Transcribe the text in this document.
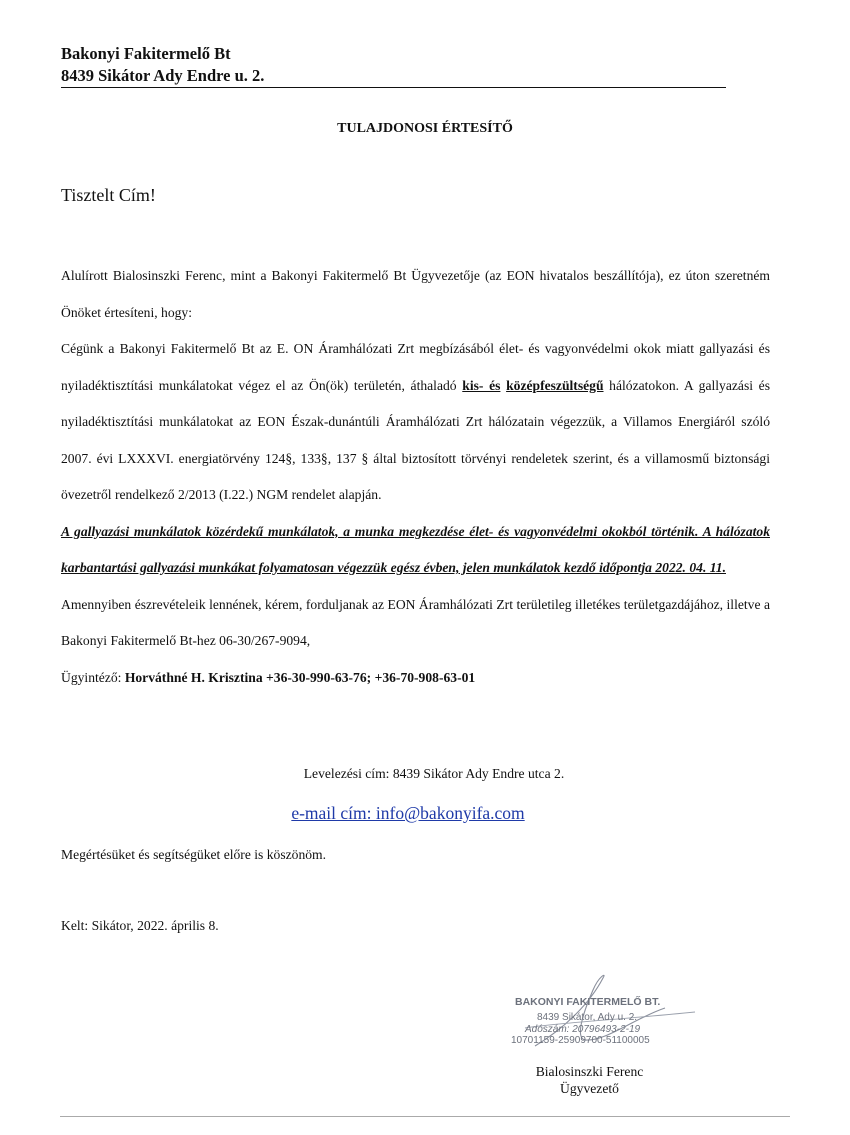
Bakonyi Fakitermelő Bt
8439 Sikátor Ady Endre u. 2.
TULAJDONOSI ÉRTESÍTŐ
Tisztelt Cím!

Alulírott Bialosinszki Ferenc, mint a Bakonyi Fakitermelő Bt Ügyvezetője (az EON hivatalos beszállítója), ez úton szeretném Önöket értesíteni, hogy:

Cégünk a Bakonyi Fakitermelő Bt az E. ON Áramhálózati Zrt megbízásából élet- és vagyonvédelmi okok miatt gallyazási és nyiladéktisztítási munkálatokat végez el az Ön(ök) területén, áthaladó kis- és középfeszültségű hálózatokon. A gallyazási és nyiladéktisztítási munkálatokat az EON Észak-dunántúli Áramhálózati Zrt hálózatain végezzük, a Villamos Energiáról szóló 2007. évi LXXXVI. energiatörvény 124§, 133§, 137 § által biztosított törvényi rendeletek szerint, és a villamosmű biztonsági övezetről rendelkező 2/2013 (I.22.) NGM rendelet alapján.

A gallyazási munkálatok közérdekű munkálatok, a munka megkezdése élet- és vagyonvédelmi okokból történik. A hálózatok karbantartási gallyazási munkákat folyamatosan végezzük egész évben, jelen munkálatok kezdő időpontja 2022. 04. 11.

Amennyiben észrevételeik lennének, kérem, forduljanak az EON Áramhálózati Zrt területileg illetékes területgazdájához, illetve a Bakonyi Fakitermelő Bt-hez 06-30/267-9094,

Ügyintéző: Horváthné H. Krisztina +36-30-990-63-76; +36-70-908-63-01

Levelezési cím: 8439 Sikátor Ady Endre utca 2.
e-mail cím: info@bakonyifa.com
Megértésüket és segítségüket előre is köszönöm.
Kelt: Sikátor, 2022. április 8.
BAKONYI FAKITERMELŐ BT.
8439 Sikátor, Ady u. 2.
Adószám: 20796493-2-19
10701159-25909700-51100005
Bialosinszki Ferenc
Ügyvezető
